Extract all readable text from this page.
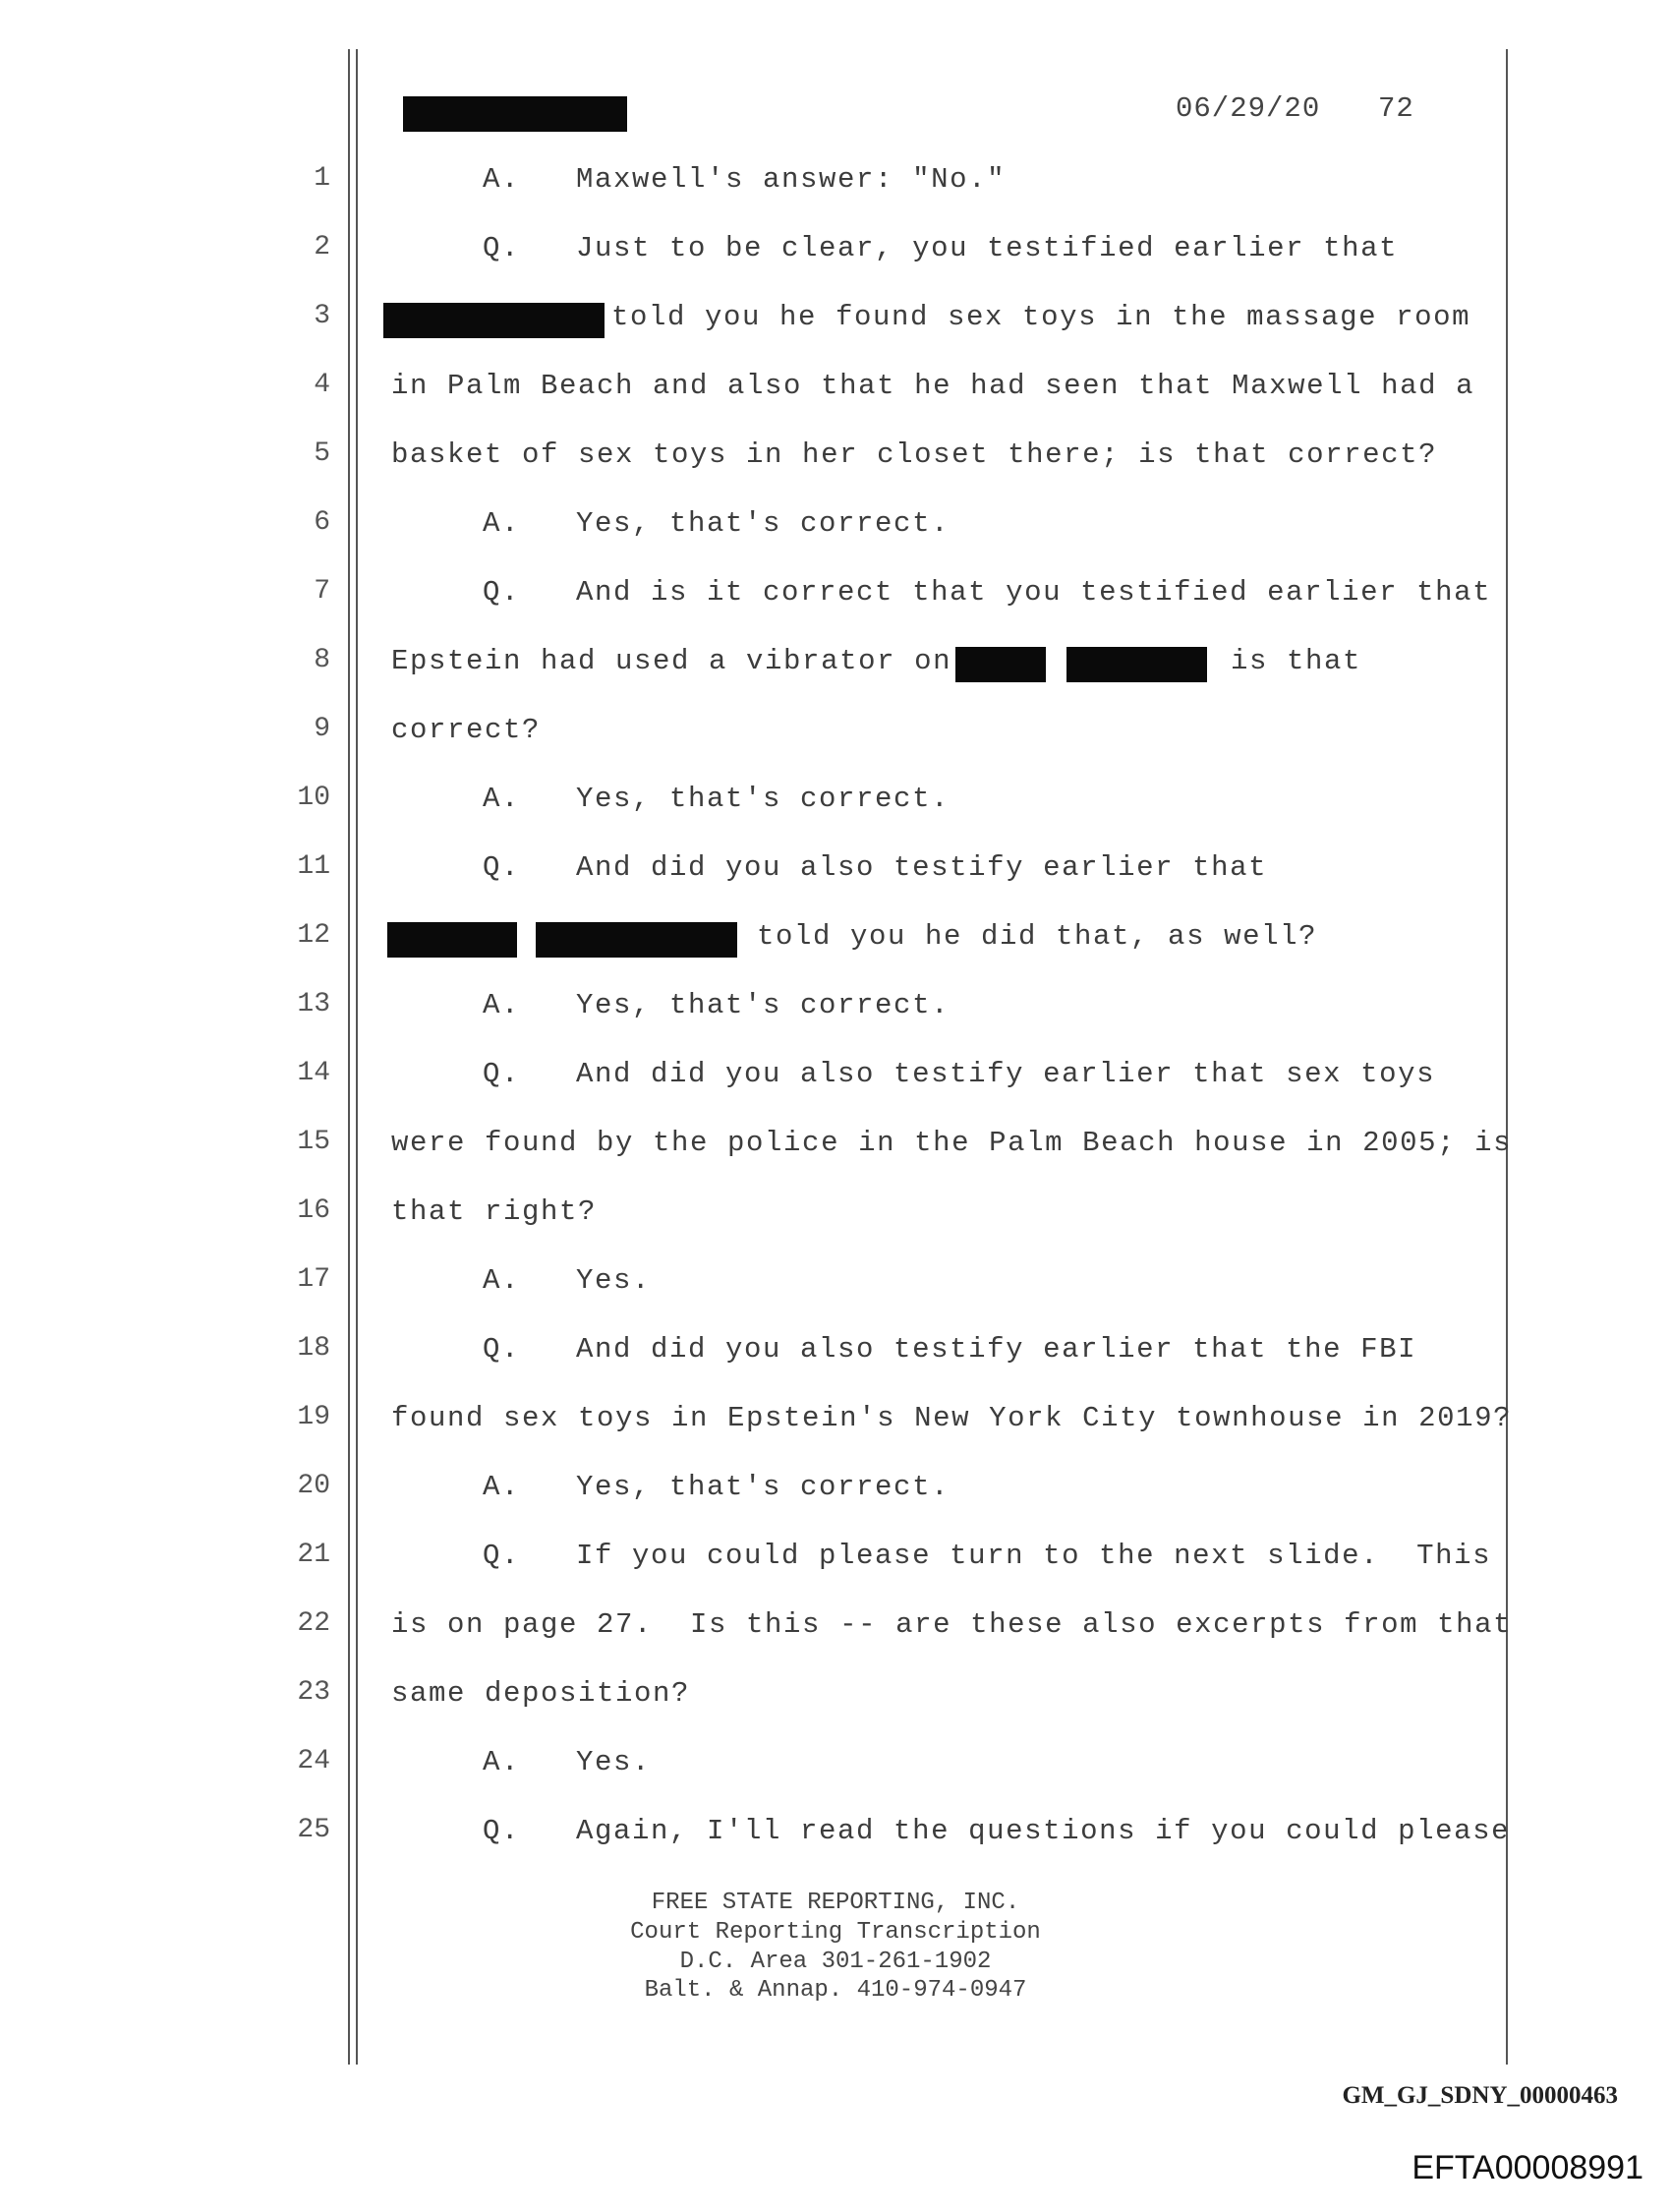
06/29/20 72
1	A.   Maxwell's answer: "No."
2	Q.   Just to be clear, you testified earlier that
3	told you he found sex toys in the massage room
4 in Palm Beach and also that he had seen that Maxwell had a
5 basket of sex toys in her closet there; is that correct?
6	A.   Yes, that's correct.
7	Q.   And is it correct that you testified earlier that
8 Epstein had used a vibrator on	is that
9 correct?
10	A.   Yes, that's correct.
11	Q.   And did you also testify earlier that
12	told you he did that, as well?
13	A.   Yes, that's correct.
14	Q.   And did you also testify earlier that sex toys
15 were found by the police in the Palm Beach house in 2005; is
16 that right?
17	A.   Yes.
18	Q.   And did you also testify earlier that the FBI
19 found sex toys in Epstein's New York City townhouse in 2019?
20	A.   Yes, that's correct.
21	Q.   If you could please turn to the next slide.  This
22 is on page 27.  Is this -- are these also excerpts from that
23 same deposition?
24	A.   Yes.
25	Q.   Again, I'll read the questions if you could please
FREE STATE REPORTING, INC.
Court Reporting Transcription
D.C. Area 301-261-1902
Balt. & Annap. 410-974-0947
GM_GJ_SDNY_00000463
EFTA00008991
